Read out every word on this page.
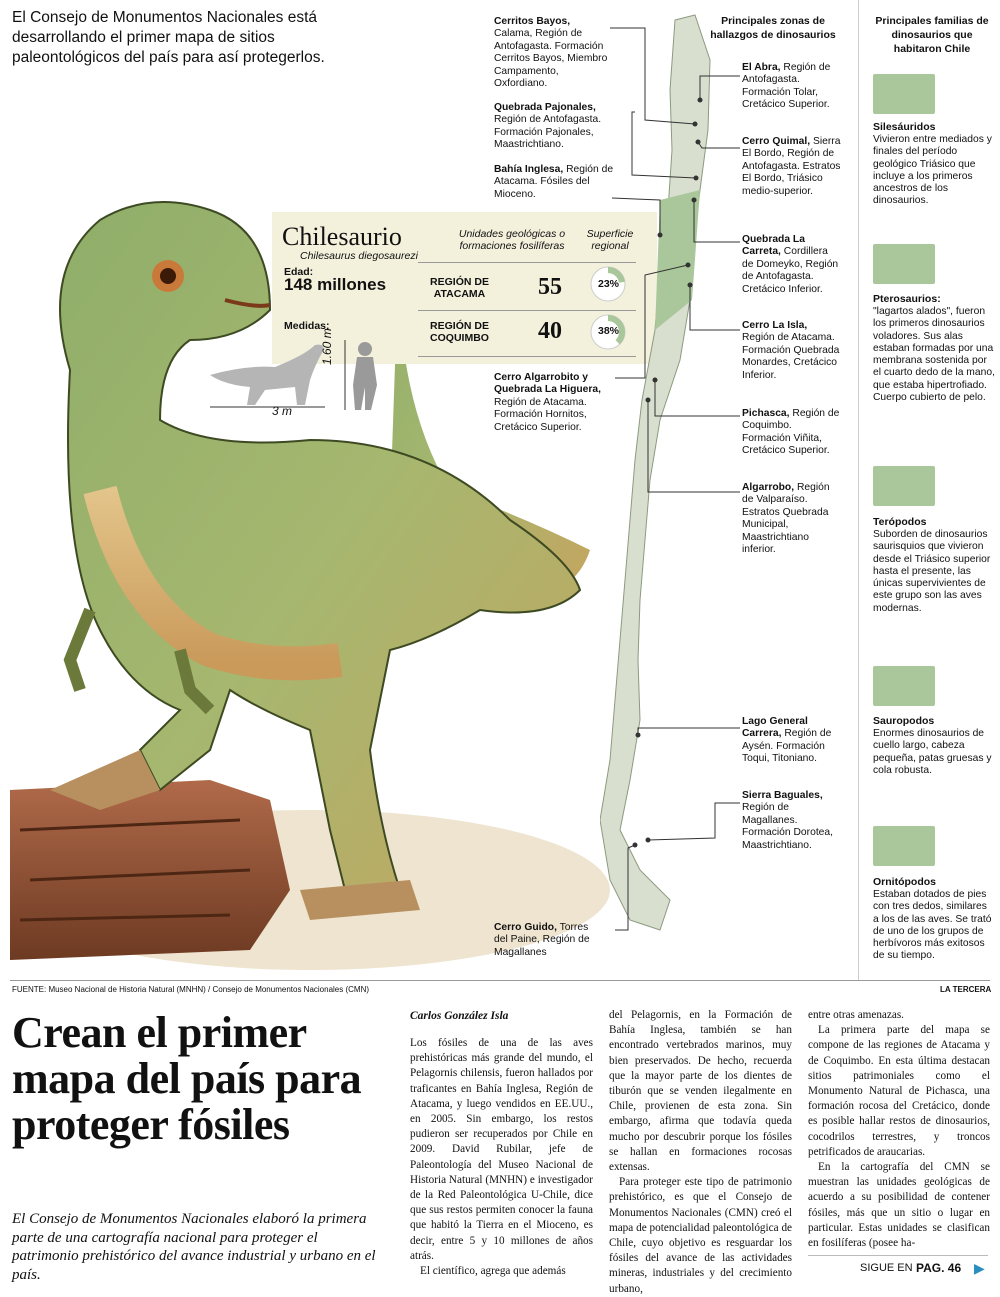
El Consejo de Monumentos Nacionales está desarrollando el primer mapa de sitios paleontológicos del país para así protegerlos.
Chilesaurio
Chilesaurus diegosaurezi
Edad:
148 millones
Medidas:
3 m
1.60 m
Unidades geológicas o formaciones fosilíferas
Superficie regional
REGIÓN DE ATACAMA	55	23%
REGIÓN DE COQUIMBO	40	38%
Principales zonas de hallazgos de dinosaurios
Cerritos Bayos, Calama, Región de Antofagasta. Formación Cerritos Bayos, Miembro Campamento, Oxfordiano.
Quebrada Pajonales, Región de Antofagasta. Formación Pajonales, Maastrichtiano.
Bahía Inglesa, Región de Atacama. Fósiles del Mioceno.
Cerro Algarrobito y Quebrada La Higuera, Región de Atacama. Formación Hornitos, Cretácico Superior.
Cerro Guido, Torres del Paine, Región de Magallanes
El Abra, Región de Antofagasta. Formación Tolar, Cretácico Superior.
Cerro Quimal, Sierra El Bordo, Región de Antofagasta. Estratos El Bordo, Triásico medio-superior.
Quebrada La Carreta, Cordillera de Domeyko, Región de Antofagasta. Cretácico Inferior.
Cerro La Isla, Región de Atacama. Formación Quebrada Monardes, Cretácico Inferior.
Pichasca, Región de Coquimbo. Formación Viñita, Cretácico Superior.
Algarrobo, Región de Valparaíso. Estratos Quebrada Municipal, Maastrichtiano inferior.
Lago General Carrera, Región de Aysén. Formación Toqui, Titoniano.
Sierra Baguales, Región de Magallanes. Formación Dorotea, Maastrichtiano.
Principales familias de dinosaurios que habitaron Chile
Silesáuridos
Vivieron entre mediados y finales del período geológico Triásico que incluye a los primeros ancestros de los dinosaurios.
Pterosaurios:
"lagartos alados", fueron los primeros dinosaurios voladores. Sus alas estaban formadas por una membrana sostenida por el cuarto dedo de la mano, que estaba hipertrofiado. Cuerpo cubierto de pelo.
Terópodos
Suborden de dinosaurios saurisquios que vivieron desde el Triásico superior hasta el presente, las únicas supervivientes de este grupo son las aves modernas.
Sauropodos
Enormes dinosaurios de cuello largo, cabeza pequeña, patas gruesas y cola robusta.
Ornitópodos
Estaban dotados de pies con tres dedos, similares a los de las aves. Se trató de uno de los grupos de herbívoros más exitosos de su tiempo.
FUENTE: Museo Nacional de Historia Natural (MNHN) / Consejo de Monumentos Nacionales (CMN)	LA TERCERA
Crean el primer mapa del país para proteger fósiles
El Consejo de Monumentos Nacionales elaboró la primera parte de una cartografía nacional para proteger el patrimonio prehistórico del avance industrial y urbano en el país.
Carlos González Isla
Los fósiles de una de las aves prehistóricas más grande del mundo, el Pelagornis chilensis, fueron hallados por traficantes en Bahía Inglesa, Región de Atacama, y luego vendidos en EE.UU., en 2005. Sin embargo, los restos pudieron ser recuperados por Chile en 2009. David Rubilar, jefe de Paleontología del Museo Nacional de Historia Natural (MNHN) e investigador de la Red Paleontológica U-Chile, dice que sus restos permiten conocer la fauna que habitó la Tierra en el Mioceno, es decir, entre 5 y 10 millones de años atrás.
El científico, agrega que además
del Pelagornis, en la Formación de Bahía Inglesa, también se han encontrado vertebrados marinos, muy bien preservados. De hecho, recuerda que la mayor parte de los dientes de tiburón que se venden ilegalmente en Chile, provienen de esta zona. Sin embargo, afirma que todavía queda mucho por descubrir porque los fósiles se hallan en formaciones rocosas extensas.
Para proteger este tipo de patrimonio prehistórico, es que el Consejo de Monumentos Nacionales (CMN) creó el mapa de potencialidad paleontológica de Chile, cuyo objetivo es resguardar los fósiles del avance de las actividades mineras, industriales y del crecimiento urbano,
entre otras amenazas.
La primera parte del mapa se compone de las regiones de Atacama y de Coquimbo. En esta última destacan sitios patrimoniales como el Monumento Natural de Pichasca, una formación rocosa del Cretácico, donde es posible hallar restos de dinosaurios, cocodrilos terrestres, y troncos petrificados de araucarias.
En la cartografía del CMN se muestran las unidades geológicas de acuerdo a su posibilidad de contener fósiles, más que un sitio o lugar en particular. Estas unidades se clasifican en fosilíferas (posee ha-
SIGUE EN PAG. 46 ▶
